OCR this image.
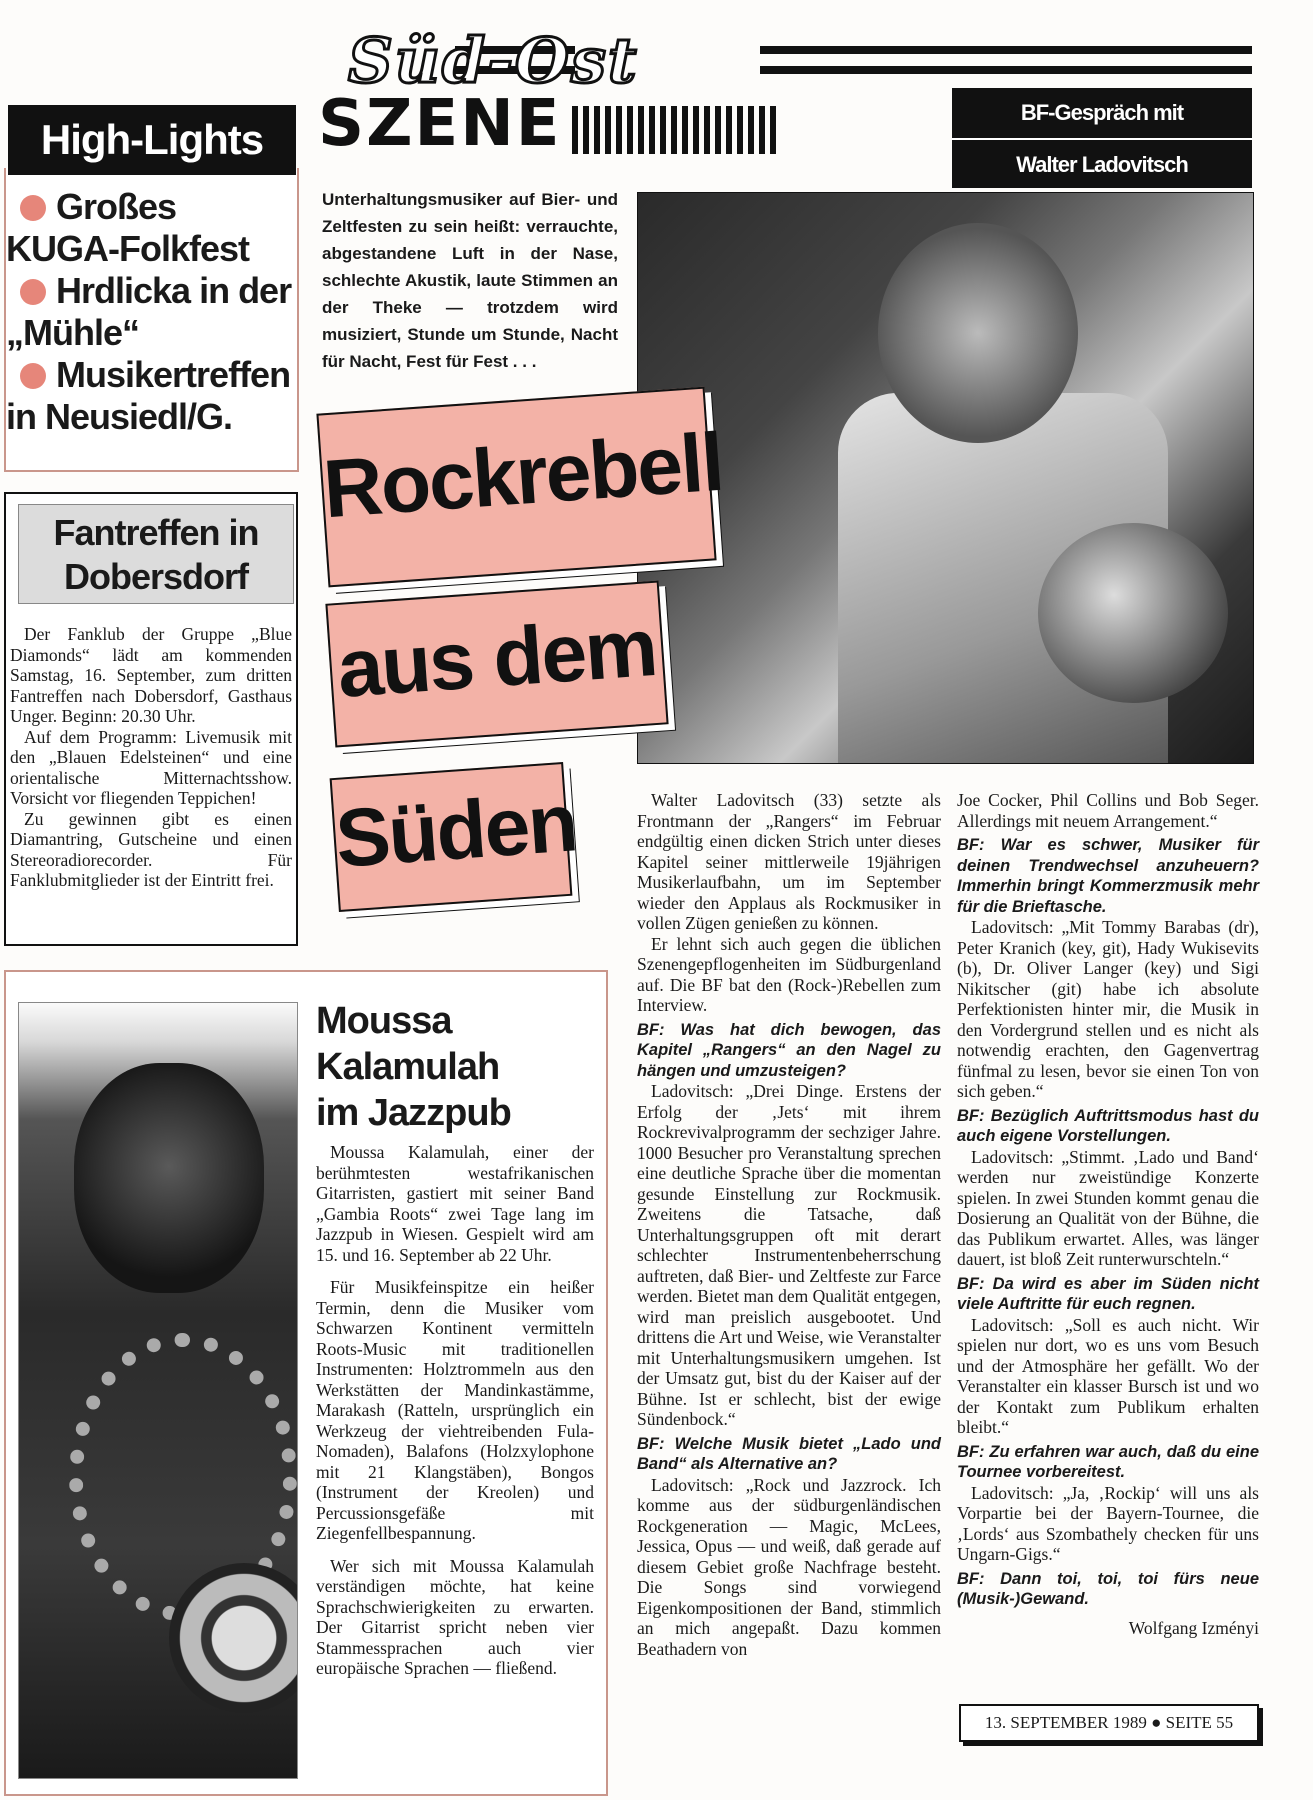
Süd-Ost
SZENE
Großes KUGA-Folkfest
Hrdlicka in der „Mühle“
Musikertreffen in Neusiedl/G.
High-Lights

Der Fanklub der Gruppe „Blue Diamonds“ lädt am kommenden Samstag, 16. September, zum dritten Fantreffen nach Dobersdorf, Gasthaus Unger. Beginn: 20.30 Uhr.

Auf dem Programm: Livemusik mit den „Blauen Edelsteinen“ und eine orientalische Mitternachtsshow. Vorsicht vor fliegenden Teppichen!

Zu gewinnen gibt es einen Diamantring, Gutscheine und einen Stereoradiorecorder. Für Fanklubmitglieder ist der Eintritt frei.

Fantreffen in Dobersdorf
BF-Gespräch mit
Walter Ladovitsch
Unterhaltungsmusiker auf Bier- und Zeltfesten zu sein heißt: verrauchte, abgestandene Luft in der Nase, schlechte Akustik, laute Stimmen an der Theke — trotzdem wird musiziert, Stunde um Stunde, Nacht für Nacht, Fest für Fest . . .
Rockrebell
aus dem
Süden
Moussa
Kalamulah
im Jazzpub

Moussa Kalamulah, einer der berühmtesten westafrikanischen Gitarristen, gastiert mit seiner Band „Gambia Roots“ zwei Tage lang im Jazzpub in Wiesen. Gespielt wird am 15. und 16. September ab 22 Uhr.

Für Musikfeinspitze ein heißer Termin, denn die Musiker vom Schwarzen Kontinent vermitteln Roots-Music mit traditionellen Instrumenten: Holztrommeln aus den Werkstätten der Mandinkastämme, Marakash (Ratteln, ursprünglich ein Werkzeug der viehtreibenden Fula-Nomaden), Balafons (Holzxylophone mit 21 Klangstäben), Bongos (Instrument der Kreolen) und Percussionsgefäße mit Ziegenfellbespannung.

Wer sich mit Moussa Kalamulah verständigen möchte, hat keine Sprachschwierigkeiten zu erwarten. Der Gitarrist spricht neben vier Stammessprachen auch vier europäische Sprachen — fließend.

Walter Ladovitsch (33) setzte als Frontmann der „Rangers“ im Februar endgültig einen dicken Strich unter dieses Kapitel seiner mittlerweile 19jährigen Musikerlaufbahn, um im September wieder den Applaus als Rockmusiker in vollen Zügen genießen zu können.

Er lehnt sich auch gegen die üblichen Szenengepflogenheiten im Südburgenland auf. Die BF bat den (Rock-)Rebellen zum Interview.

BF: Was hat dich bewogen, das Kapitel „Rangers“ an den Nagel zu hängen und umzusteigen?

Ladovitsch: „Drei Dinge. Erstens der Erfolg der ‚Jets‘ mit ihrem Rockrevivalprogramm der sechziger Jahre. 1000 Besucher pro Veranstaltung sprechen eine deutliche Sprache über die momentan gesunde Einstellung zur Rockmusik. Zweitens die Tatsache, daß Unterhaltungsgruppen oft mit derart schlechter Instrumentenbeherrschung auftreten, daß Bier- und Zeltfeste zur Farce werden. Bietet man dem Qualität entgegen, wird man preislich ausgebootet. Und drittens die Art und Weise, wie Veranstalter mit Unterhaltungsmusikern umgehen. Ist der Umsatz gut, bist du der Kaiser auf der Bühne. Ist er schlecht, bist der ewige Sündenbock.“

BF: Welche Musik bietet „Lado und Band“ als Alternative an?

Ladovitsch: „Rock und Jazzrock. Ich komme aus der südburgenländischen Rockgeneration — Magic, McLees, Jessica, Opus — und weiß, daß gerade auf diesem Gebiet große Nachfrage besteht. Die Songs sind vorwiegend Eigenkompositionen der Band, stimmlich an mich angepaßt. Dazu kommen Beathadern von

Joe Cocker, Phil Collins und Bob Seger. Allerdings mit neuem Arrangement.“

BF: War es schwer, Musiker für deinen Trendwechsel anzuheuern? Immerhin bringt Kommerzmusik mehr für die Brieftasche.

Ladovitsch: „Mit Tommy Barabas (dr), Peter Kranich (key, git), Hady Wukisevits (b), Dr. Oliver Langer (key) und Sigi Nikitscher (git) habe ich absolute Perfektionisten hinter mir, die Musik in den Vordergrund stellen und es nicht als notwendig erachten, den Gagenvertrag fünfmal zu lesen, bevor sie einen Ton von sich geben.“

BF: Bezüglich Auftrittsmodus hast du auch eigene Vorstellungen.

Ladovitsch: „Stimmt. ‚Lado und Band‘ werden nur zweistündige Konzerte spielen. In zwei Stunden kommt genau die Dosierung an Qualität von der Bühne, die das Publikum erwartet. Alles, was länger dauert, ist bloß Zeit runterwurschteln.“

BF: Da wird es aber im Süden nicht viele Auftritte für euch regnen.

Ladovitsch: „Soll es auch nicht. Wir spielen nur dort, wo es uns vom Besuch und der Atmosphäre her gefällt. Wo der Veranstalter ein klasser Bursch ist und wo der Kontakt zum Publikum erhalten bleibt.“

BF: Zu erfahren war auch, daß du eine Tournee vorbereitest.

Ladovitsch: „Ja, ‚Rockip‘ will uns als Vorpartie bei der Bayern-Tournee, die ‚Lords‘ aus Szombathely checken für uns Ungarn-Gigs.“

BF: Dann toi, toi, toi fürs neue (Musik-)Gewand.

Wolfgang Izményi
13. SEPTEMBER 1989 ● SEITE 55
